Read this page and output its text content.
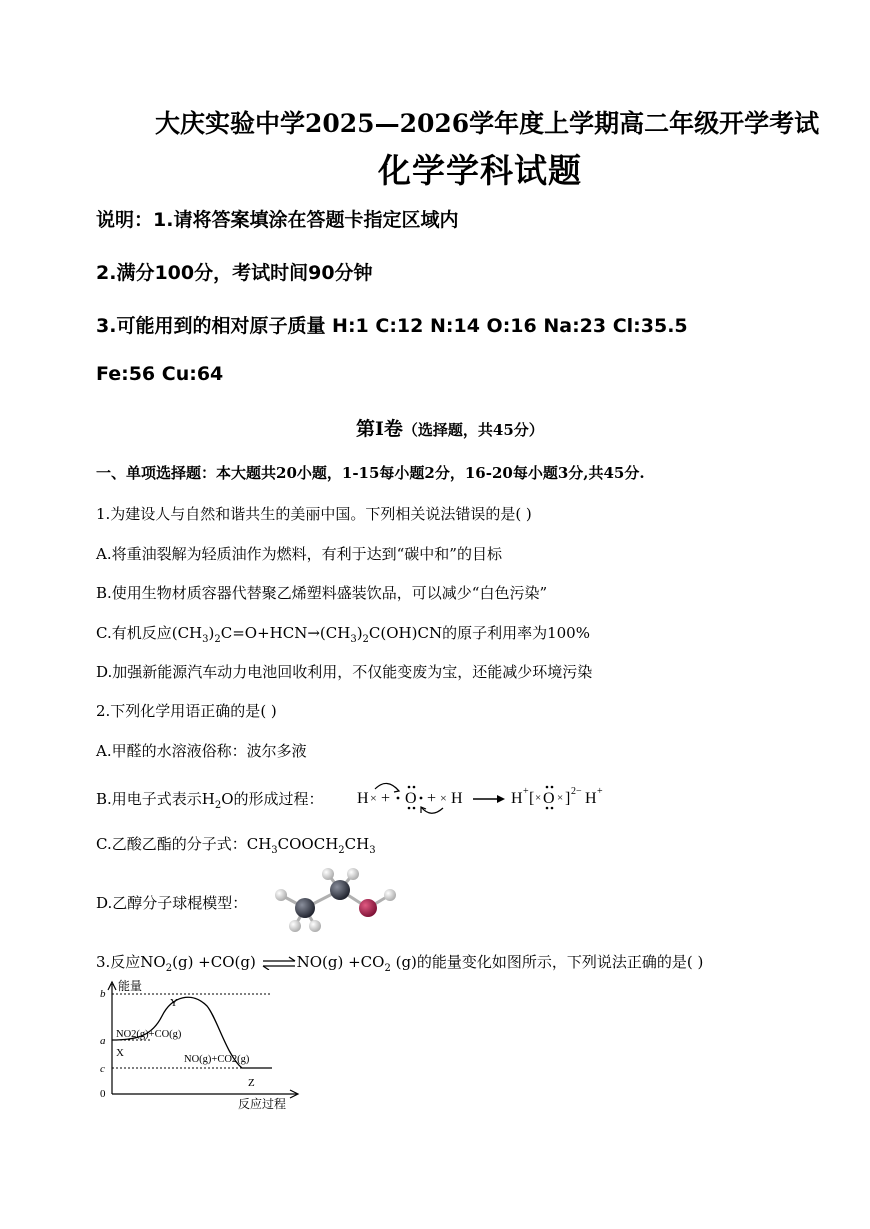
大庆实验中学2025—2026学年度上学期高二年级开学考试
化学学科试题
说明：1.请将答案填涂在答题卡指定区域内
2.满分100分，考试时间90分钟
3.可能用到的相对原子质量 H:1 C:12 N:14 O:16 Na:23 Cl:35.5
Fe:56 Cu:64
第Ⅰ卷（选择题，共45分）
一、单项选择题：本大题共20小题，1-15每小题2分，16-20每小题3分,共45分.
1.为建设人与自然和谐共生的美丽中国。下列相关说法错误的是( )
A.将重油裂解为轻质油作为燃料，有利于达到“碳中和”的目标
B.使用生物材质容器代替聚乙烯塑料盛装饮品，可以减少“白色污染”
C.有机反应$(CH_3)_2C=O+HCN\to(CH_3)_2C(OH)CN$的原子利用率为100%
D.加强新能源汽车动力电池回收利用，不仅能变废为宝，还能减少环境污染
2.下列化学用语正确的是( )
A.甲醛的水溶液俗称：波尔多液
B.用电子式表示$H_2O$的形成过程： H × + O + × H	H + [ × O × ] 2− H +
C.乙酸乙酯的分子式：$CH_3COOCH_2CH_3$
D.乙醇分子球棍模型：
3.反应$NO_2(g) +CO(g)$ ⇌NO(g) $+CO_2$ (g)的能量变化如图所示，下列说法正确的是( )
b
a
c
0
能量
反应过程
Y
X
Z
NO2(g)+CO(g)
NO(g)+CO2(g)
